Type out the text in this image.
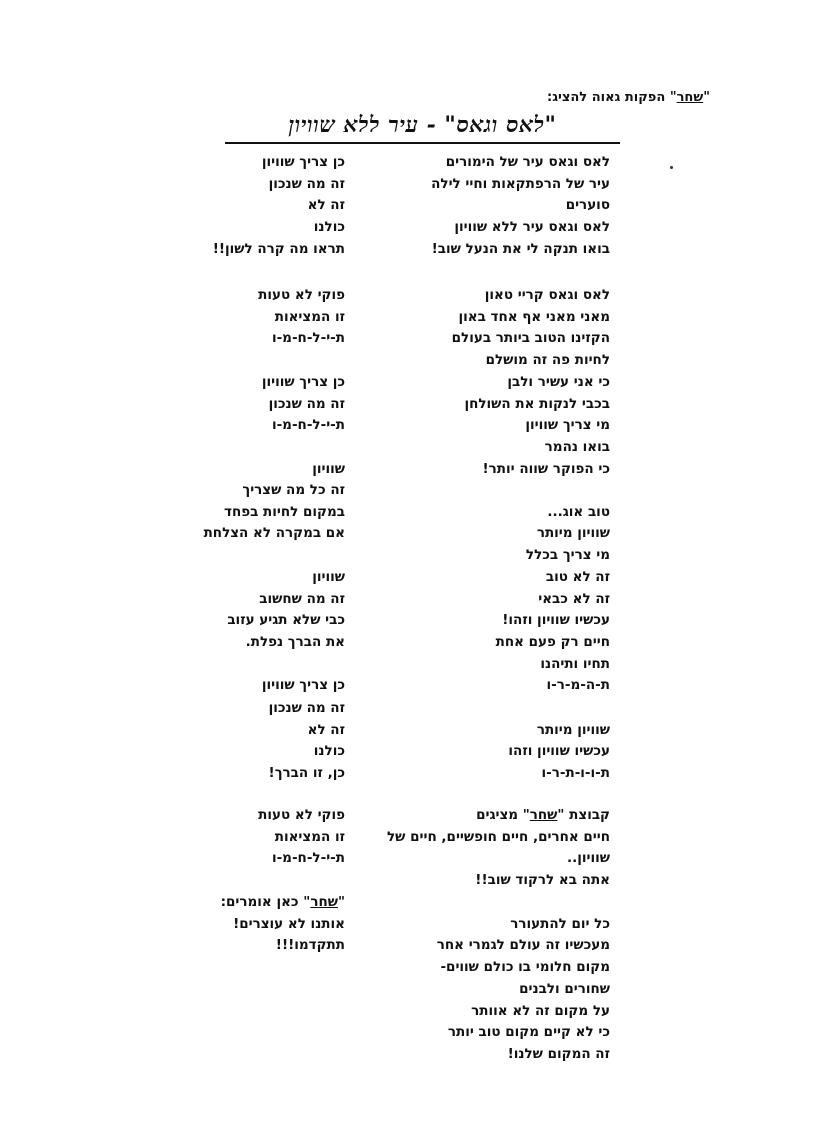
"שחר" הפקות גאוה להציג:
"לאס וגאס" - עיר ללא שוויון

לאס וגאס עיר של הימורים

עיר של הרפתקאות וחיי לילה

סוערים

לאס וגאס עיר ללא שוויון

בואו תנקה לי את הנעל שוב!

כן צריך שוויון

זה מה שנכון

זה לא

כולנו

תראו מה קרה לשון!!

לאס וגאס קריי טאון

מאני מאני אף אחד באון

הקזינו הטוב ביותר בעולם

לחיות פה זה מושלם

כי אני עשיר ולבן

בכבי לנקות את השולחן

מי צריך שוויון

בואו נהמר

כי הפוקר שווה יותר!

פוקי לא טעות

זו המציאות

ת-י-ל-ח-מ-ו

כן צריך שוויון

זה מה שנכון

ת-י-ל-ח-מ-ו

שוויון

טוב אוג...

שוויון מיותר

מי צריך בכלל

זה לא טוב

זה לא כבאי

עכשיו שוויון וזהו!

חיים רק פעם אחת

תחיו ותיהנו

ת-ה-מ-ר-ו

זה כל מה שצריך

במקום לחיות בפחד

אם במקרה לא הצלחת

שוויון

זה מה שחשוב

כבי שלא תגיע עזוב

את הברך נפלת.

כן צריך שוויון

שוויון מיותר

עכשיו שוויון וזהו

ת-ו-ו-ת-ר-ו

זה מה שנכון

זה לא

כולנו

כן, זו הברך!

קבוצת "שחר" מציגים

חיים אחרים, חיים חופשיים, חיים של

שוויון..

אתה בא לרקוד שוב!!

פוקי לא טעות

זו המציאות

ת-י-ל-ח-מ-ו

כל יום להתעורר

מעכשיו זה עולם לגמרי אחר

מקום חלומי בו כולם שווים-

שחורים ולבנים

על מקום זה לא אוותר

כי לא קיים מקום טוב יותר

זה המקום שלנו!

"שחר" כאן אומרים:

אותנו לא עוצרים!

תתקדמו!!!
